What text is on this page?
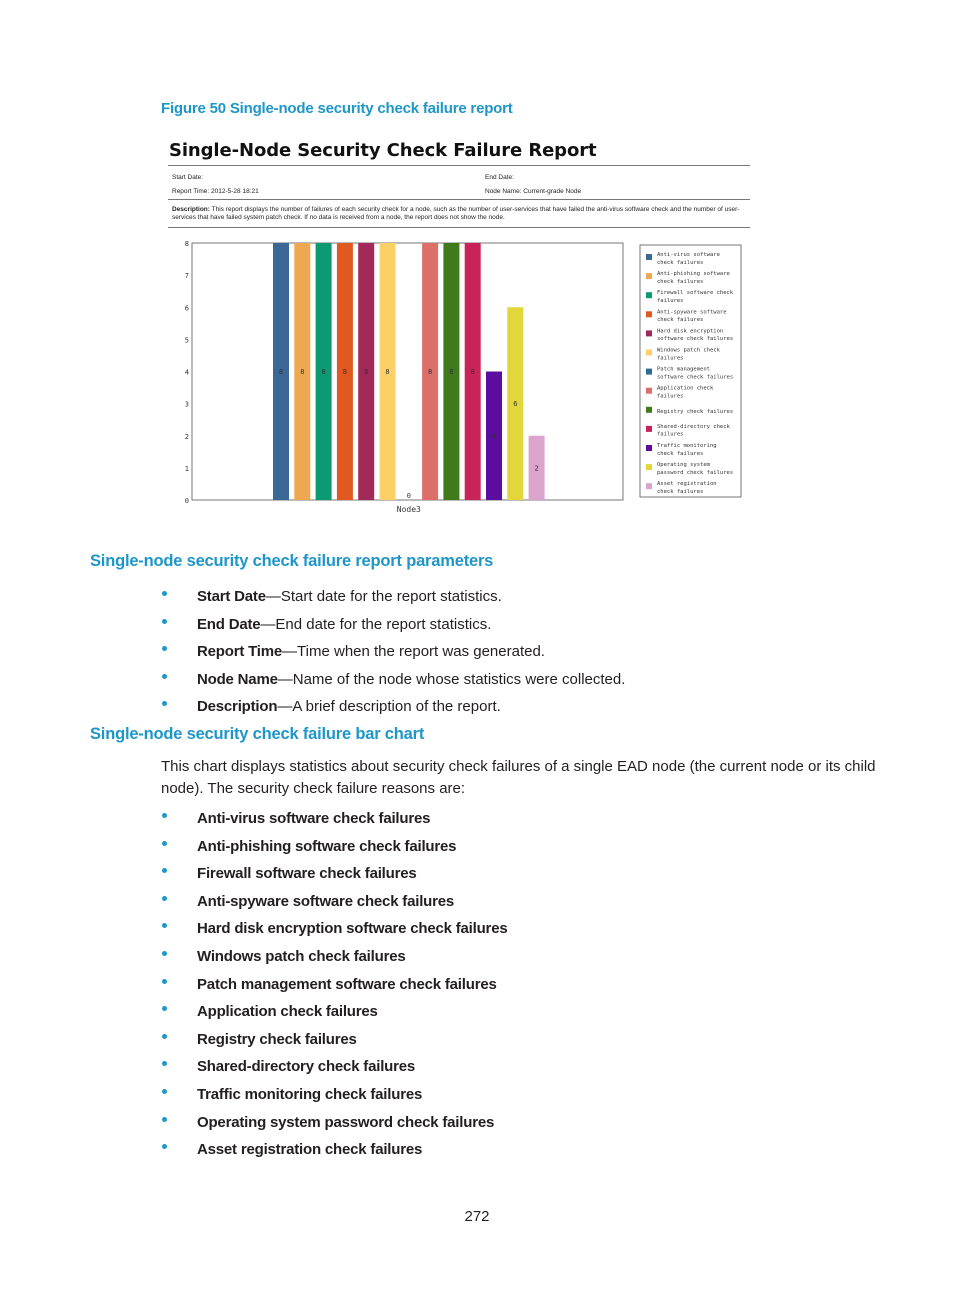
Figure 50 Single-node security check failure report
Single-Node Security Check Failure Report
Start Date:	End Date:
Report Time: 2012-5-28 18:21	Node Name: Current-grade Node
Description: This report displays the number of failures of each security check for a node, such as the number of user-services that have failed the anti-virus software check and the number of user-services that have failed system patch check. If no data is received from a node, the report does not show the node.
0
1
2
3
4
5
6
7
8
Node3
8 8 8 8 8 8
0
8 8 8
4
6
2
Anti-virus software
check failures
Anti-phishing software
check failures
Firewall software check
failures
Anti-spyware software
check failures
Hard disk encryption
software check failures
Windows patch check
failures
Patch management
software check failures
Application check
failures
Registry check failures
Shared-directory check
failures
Traffic monitoring
check failures
Operating system
password check failures
Asset registration
check failures
Single-node security check failure report parameters
Start Date—Start date for the report statistics.
End Date—End date for the report statistics.
Report Time—Time when the report was generated.
Node Name—Name of the node whose statistics were collected.
Description—A brief description of the report.
Single-node security check failure bar chart
This chart displays statistics about security check failures of a single EAD node (the current node or its child node). The security check failure reasons are:
Anti-virus software check failures
Anti-phishing software check failures
Firewall software check failures
Anti-spyware software check failures
Hard disk encryption software check failures
Windows patch check failures
Patch management software check failures
Application check failures
Registry check failures
Shared-directory check failures
Traffic monitoring check failures
Operating system password check failures
Asset registration check failures
272
